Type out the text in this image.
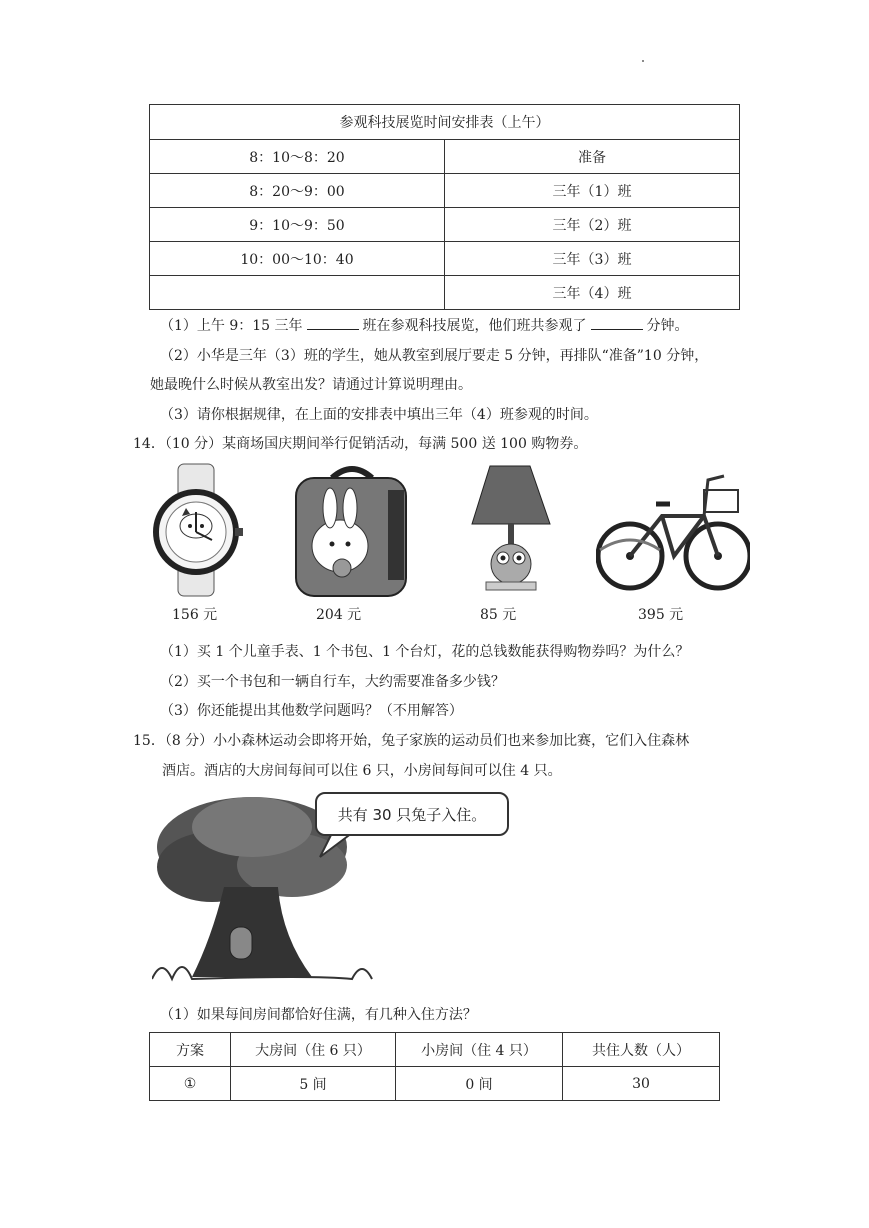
参观科技展览时间安排表（上午）	
8：10～8：20	准备
8：20～9：00	三年（1）班
9：10～9：50	三年（2）班
10：00～10：40	三年（3）班
	三年（4）班
（1）上午 9：15 三年	班在参观科技展览，他们班共参观了	分钟。
（2）小华是三年（3）班的学生，她从教室到展厅要走 5 分钟，再排队“准备”10 分钟，
她最晚什么时候从教室出发？请通过计算说明理由。
（3）请你根据规律，在上面的安排表中填出三年（4）班参观的时间。
14．（10 分）某商场国庆期间举行促销活动，每满 500 送 100 购物券。
156 元	204 元	85 元	395 元
（1）买 1 个儿童手表、1 个书包、1 个台灯，花的总钱数能获得购物券吗？为什么？
（2）买一个书包和一辆自行车，大约需要准备多少钱？
（3）你还能提出其他数学问题吗？（不用解答）
15．（8 分）小小森林运动会即将开始，兔子家族的运动员们也来参加比赛，它们入住森林
酒店。酒店的大房间每间可以住 6 只，小房间每间可以住 4 只。
共有 30 只兔子入住。
（1）如果每间房间都恰好住满，有几种入住方法？
方案	大房间（住 6 只）	小房间（住 4 只）	共住人数（人）
①	5 间	0 间	30
